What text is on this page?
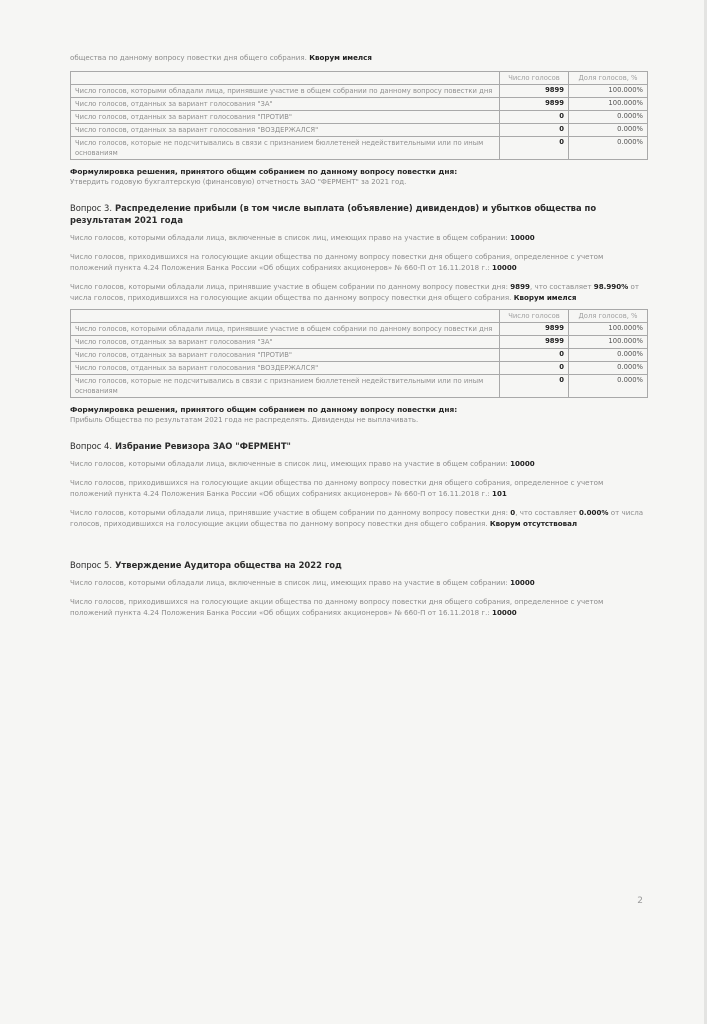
общества по данному вопросу повестки дня общего собрания. Кворум имелся

	Число голосов	Доля голосов, %
Число голосов, которыми обладали лица, принявшие участие в общем собрании по данному вопросу повестки дня	9899	100.000%
Число голосов, отданных за вариант голосования "ЗА"	9899	100.000%
Число голосов, отданных за вариант голосования "ПРОТИВ"	0	0.000%
Число голосов, отданных за вариант голосования "ВОЗДЕРЖАЛСЯ"	0	0.000%
Число голосов, которые не подсчитывались в связи с признанием бюллетеней недействительными или по иным основаниям	0	0.000%

Формулировка решения, принятого общим собранием по данному вопросу повестки дня:

Утвердить годовую бухгалтерскую (финансовую) отчетность ЗАО "ФЕРМЕНТ" за 2021 год.

Вопрос 3. Распределение прибыли (в том числе выплата (объявление) дивидендов) и убытков общества по результатам 2021 года

Число голосов, которыми обладали лица, включенные в список лиц, имеющих право на участие в общем собрании: 10000

Число голосов, приходившихся на голосующие акции общества по данному вопросу повестки дня общего собрания, определенное с учетом положений пункта 4.24 Положения Банка России «Об общих собраниях акционеров» № 660-П от 16.11.2018 г.: 10000

Число голосов, которыми обладали лица, принявшие участие в общем собрании по данному вопросу повестки дня: 9899, что составляет 98.990% от числа голосов, приходившихся на голосующие акции общества по данному вопросу повестки дня общего собрания. Кворум имелся

	Число голосов	Доля голосов, %
Число голосов, которыми обладали лица, принявшие участие в общем собрании по данному вопросу повестки дня	9899	100.000%
Число голосов, отданных за вариант голосования "ЗА"	9899	100.000%
Число голосов, отданных за вариант голосования "ПРОТИВ"	0	0.000%
Число голосов, отданных за вариант голосования "ВОЗДЕРЖАЛСЯ"	0	0.000%
Число голосов, которые не подсчитывались в связи с признанием бюллетеней недействительными или по иным основаниям	0	0.000%

Формулировка решения, принятого общим собранием по данному вопросу повестки дня:

Прибыль Общества по результатам 2021 года не распределять. Дивиденды не выплачивать.

Вопрос 4. Избрание Ревизора ЗАО "ФЕРМЕНТ"

Число голосов, которыми обладали лица, включенные в список лиц, имеющих право на участие в общем собрании: 10000

Число голосов, приходившихся на голосующие акции общества по данному вопросу повестки дня общего собрания, определенное с учетом положений пункта 4.24 Положения Банка России «Об общих собраниях акционеров» № 660-П от 16.11.2018 г.: 101

Число голосов, которыми обладали лица, принявшие участие в общем собрании по данному вопросу повестки дня: 0, что составляет 0.000% от числа голосов, приходившихся на голосующие акции общества по данному вопросу повестки дня общего собрания. Кворум отсутствовал

Вопрос 5. Утверждение Аудитора общества на 2022 год

Число голосов, которыми обладали лица, включенные в список лиц, имеющих право на участие в общем собрании: 10000

Число голосов, приходившихся на голосующие акции общества по данному вопросу повестки дня общего собрания, определенное с учетом положений пункта 4.24 Положения Банка России «Об общих собраниях акционеров» № 660-П от 16.11.2018 г.: 10000

2
